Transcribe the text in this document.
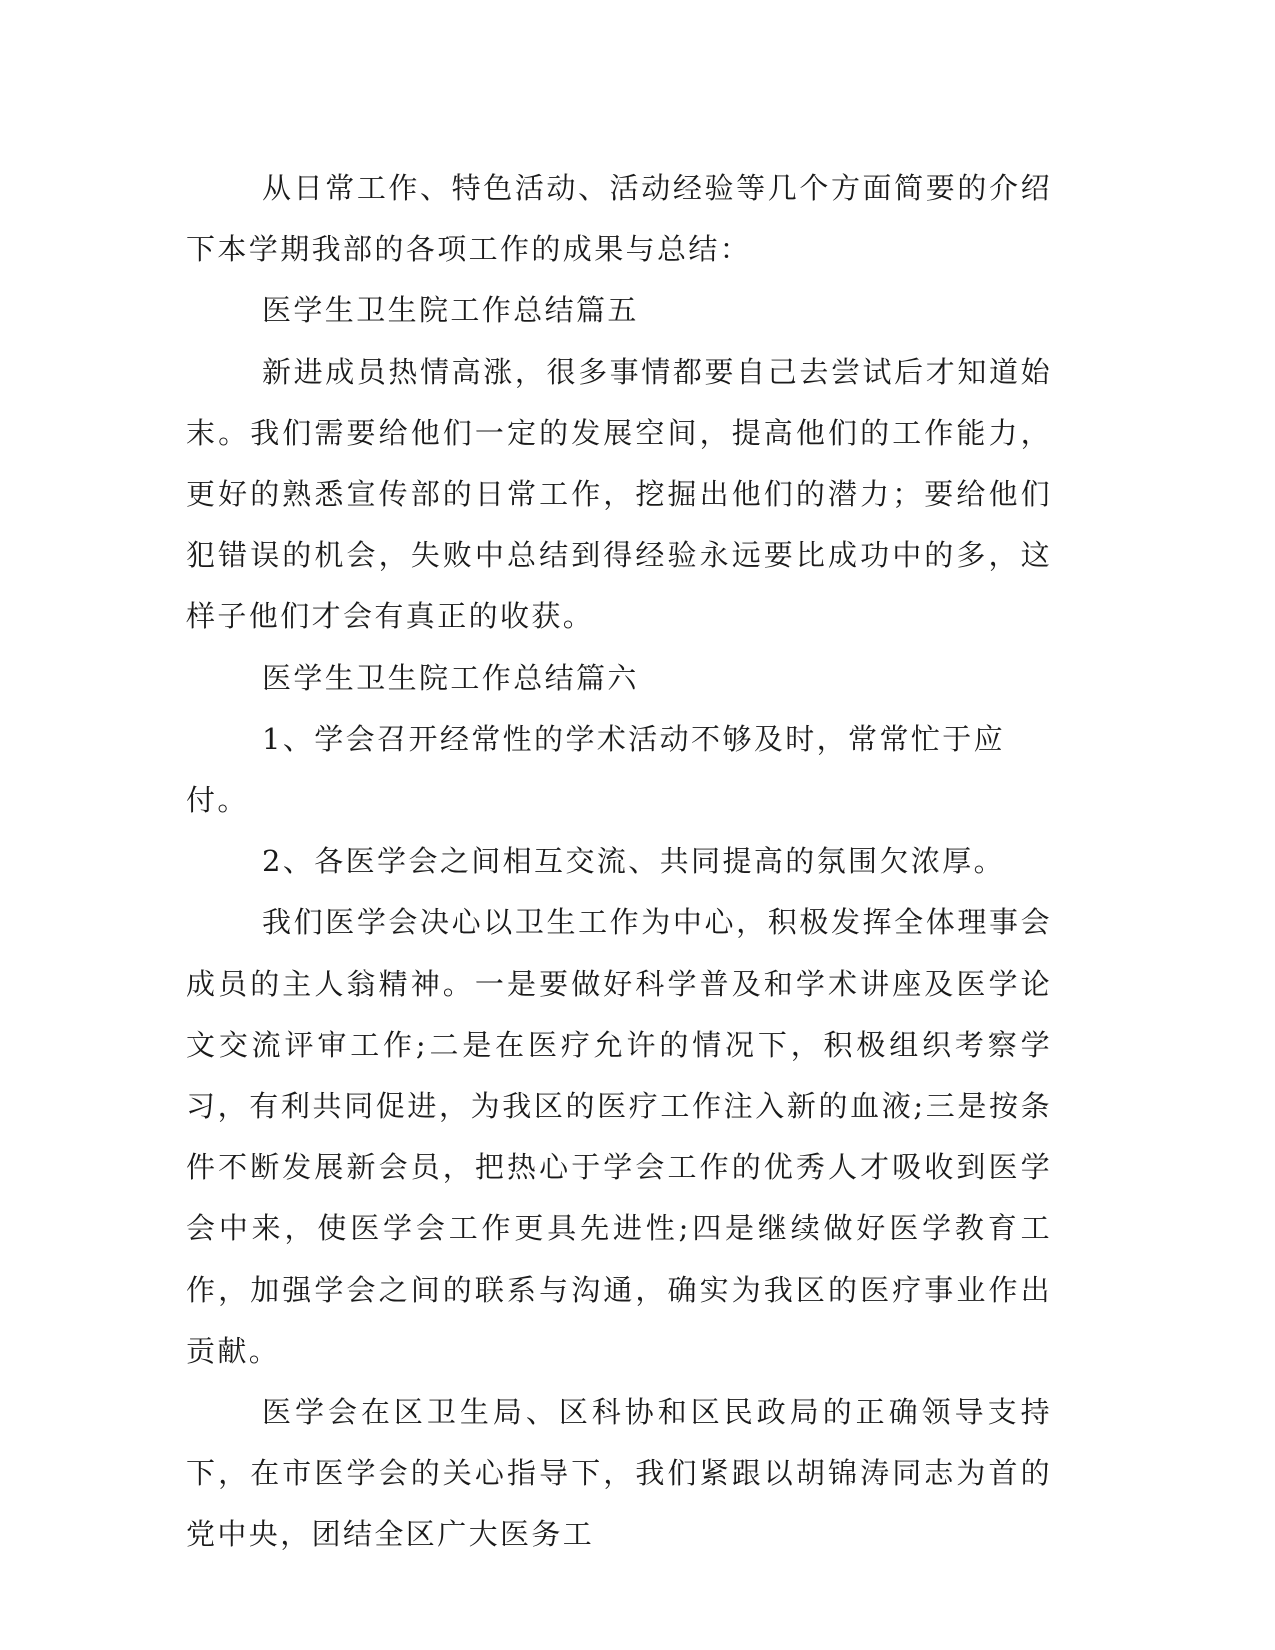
从日常工作、特色活动、活动经验等几个方面简要的介绍下本学期我部的各项工作的成果与总结：

医学生卫生院工作总结篇五

新进成员热情高涨，很多事情都要自己去尝试后才知道始末。我们需要给他们一定的发展空间，提高他们的工作能力，更好的熟悉宣传部的日常工作，挖掘出他们的潜力；要给他们犯错误的机会，失败中总结到得经验永远要比成功中的多，这样子他们才会有真正的收获。

医学生卫生院工作总结篇六

1、学会召开经常性的学术活动不够及时，常常忙于应付。

2、各医学会之间相互交流、共同提高的氛围欠浓厚。

我们医学会决心以卫生工作为中心，积极发挥全体理事会成员的主人翁精神。一是要做好科学普及和学术讲座及医学论文交流评审工作;二是在医疗允许的情况下，积极组织考察学习，有利共同促进，为我区的医疗工作注入新的血液;三是按条件不断发展新会员，把热心于学会工作的优秀人才吸收到医学会中来，使医学会工作更具先进性;四是继续做好医学教育工作，加强学会之间的联系与沟通，确实为我区的医疗事业作出贡献。

医学会在区卫生局、区科协和区民政局的正确领导支持下，在市医学会的关心指导下，我们紧跟以胡锦涛同志为首的党中央，团结全区广大医务工
